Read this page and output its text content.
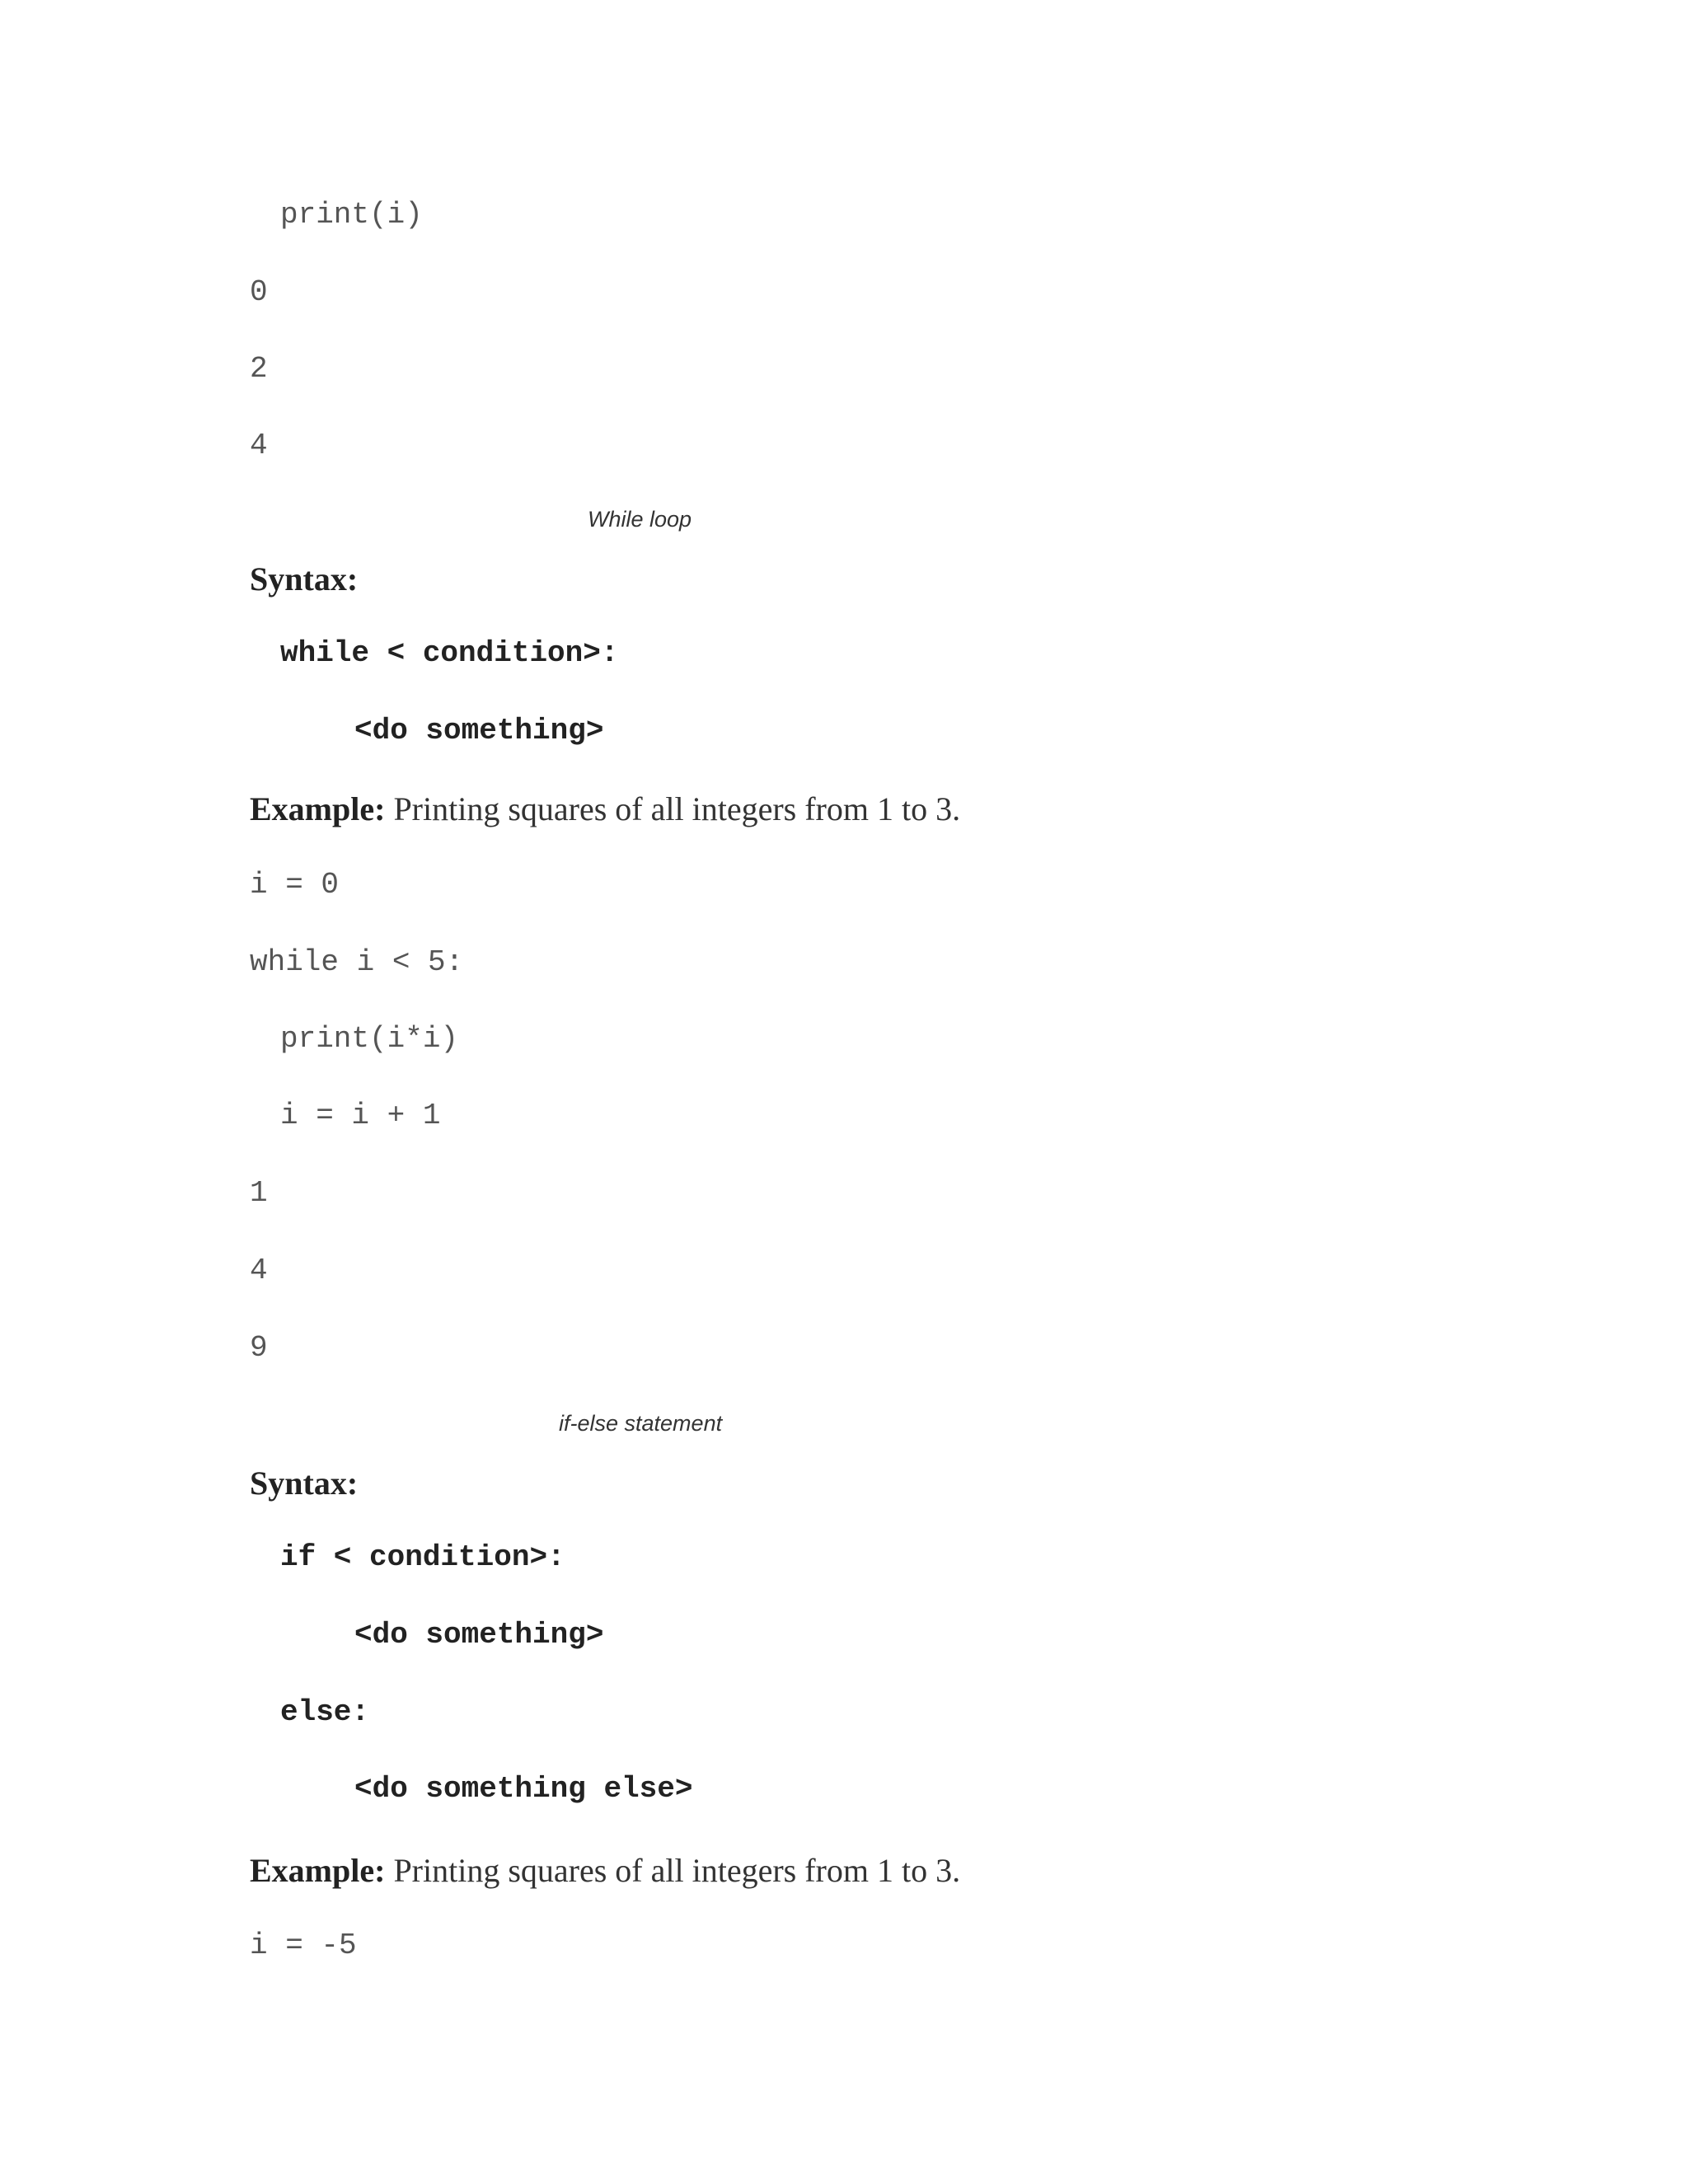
print(i)
0
2
4
While loop
Syntax:
while < condition>:
<do something>
Example: Printing squares of all integers from 1 to 3.
i = 0
while i < 5:
print(i*i)
i = i + 1
1
4
9
if-else statement
Syntax:
if < condition>:
<do something>
else:
<do something else>
Example: Printing squares of all integers from 1 to 3.
i = -5
